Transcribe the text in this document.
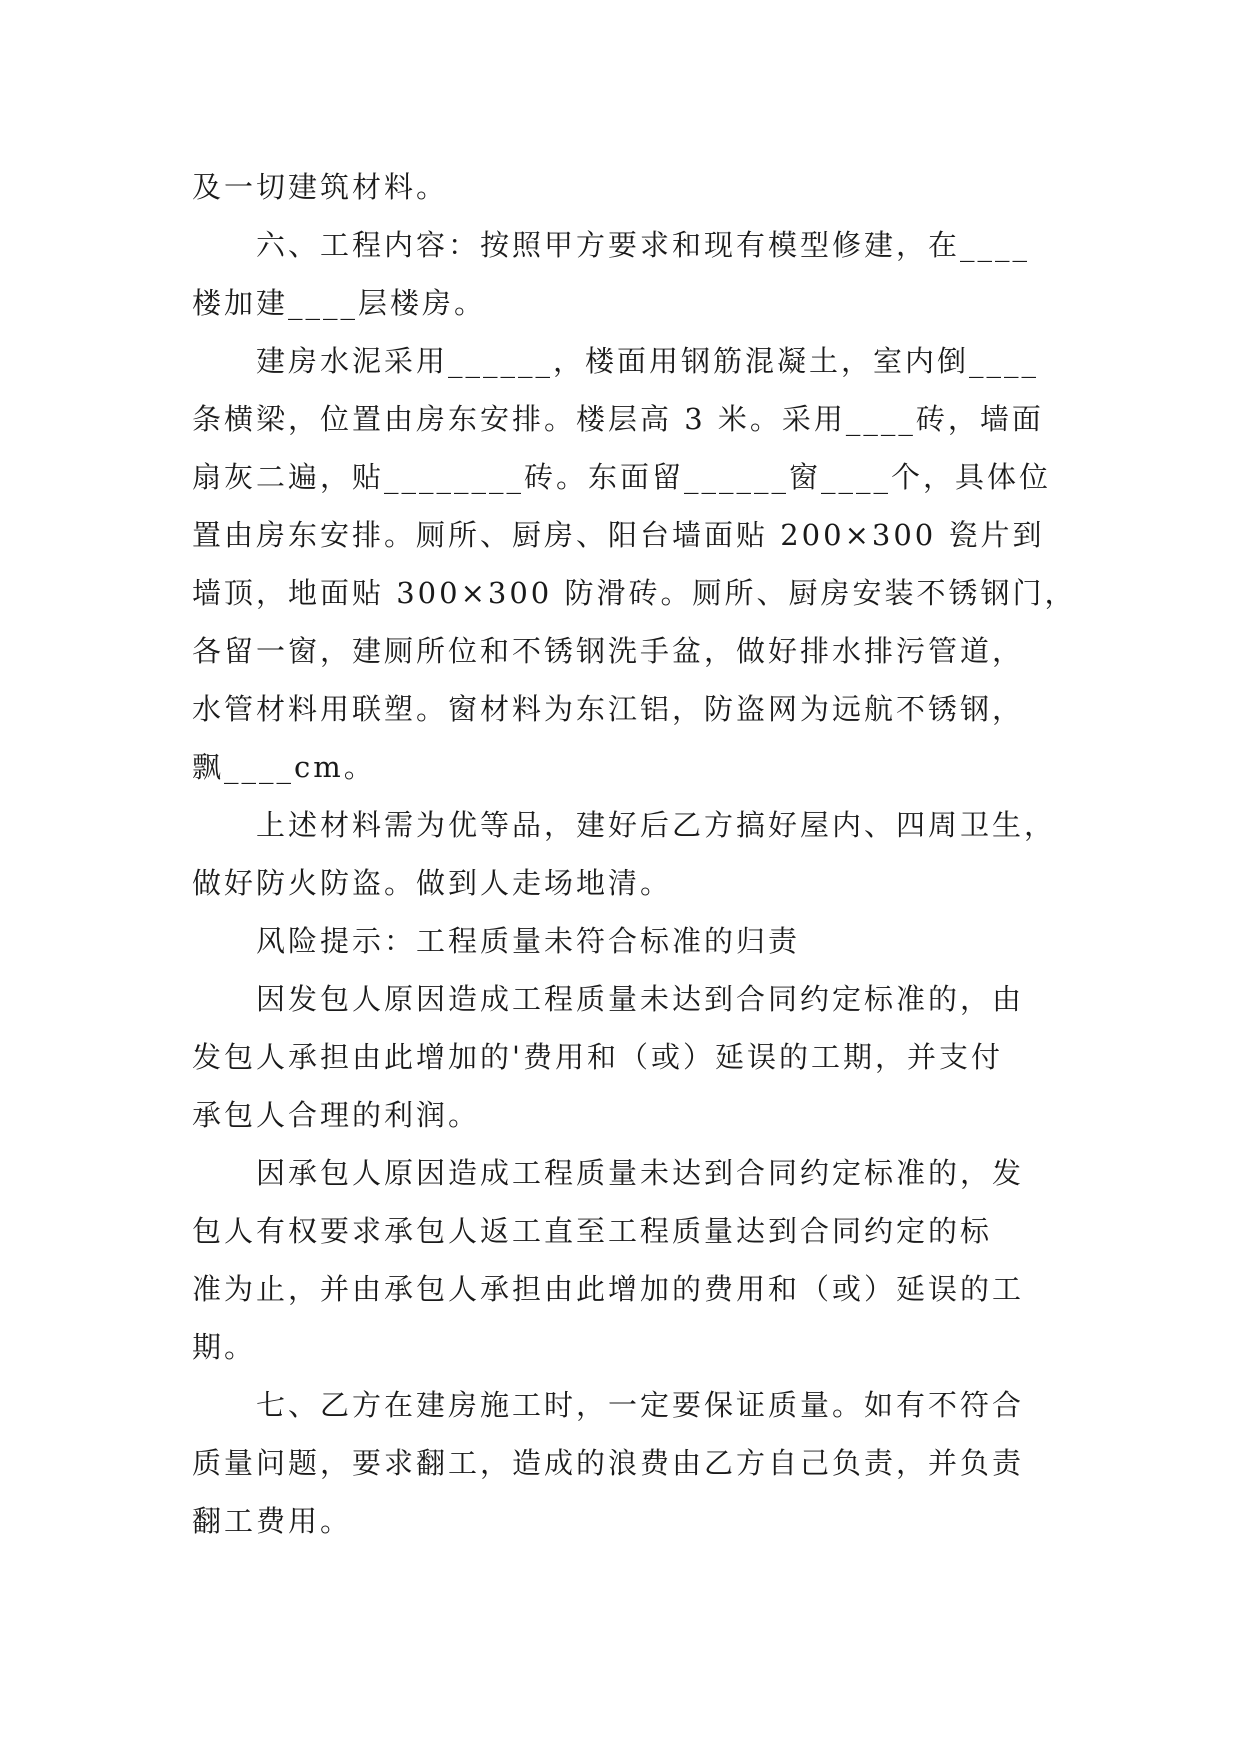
及一切建筑材料。
六、工程内容：按照甲方要求和现有模型修建，在____
楼加建____层楼房。
建房水泥采用______，楼面用钢筋混凝土，室内倒____
条横梁，位置由房东安排。楼层高 3 米。采用____砖，墙面
扇灰二遍，贴________砖。东面留______窗____个，具体位
置由房东安排。厕所、厨房、阳台墙面贴 200×300 瓷片到
墙顶，地面贴 300×300 防滑砖。厕所、厨房安装不锈钢门，
各留一窗，建厕所位和不锈钢洗手盆，做好排水排污管道，
水管材料用联塑。窗材料为东江铝，防盗网为远航不锈钢，
飘____cm。
上述材料需为优等品，建好后乙方搞好屋内、四周卫生，
做好防火防盗。做到人走场地清。
风险提示：工程质量未符合标准的归责
因发包人原因造成工程质量未达到合同约定标准的，由
发包人承担由此增加的'费用和（或）延误的工期，并支付
承包人合理的利润。
因承包人原因造成工程质量未达到合同约定标准的，发
包人有权要求承包人返工直至工程质量达到合同约定的标
准为止，并由承包人承担由此增加的费用和（或）延误的工
期。
七、乙方在建房施工时，一定要保证质量。如有不符合
质量问题，要求翻工，造成的浪费由乙方自己负责，并负责
翻工费用。
